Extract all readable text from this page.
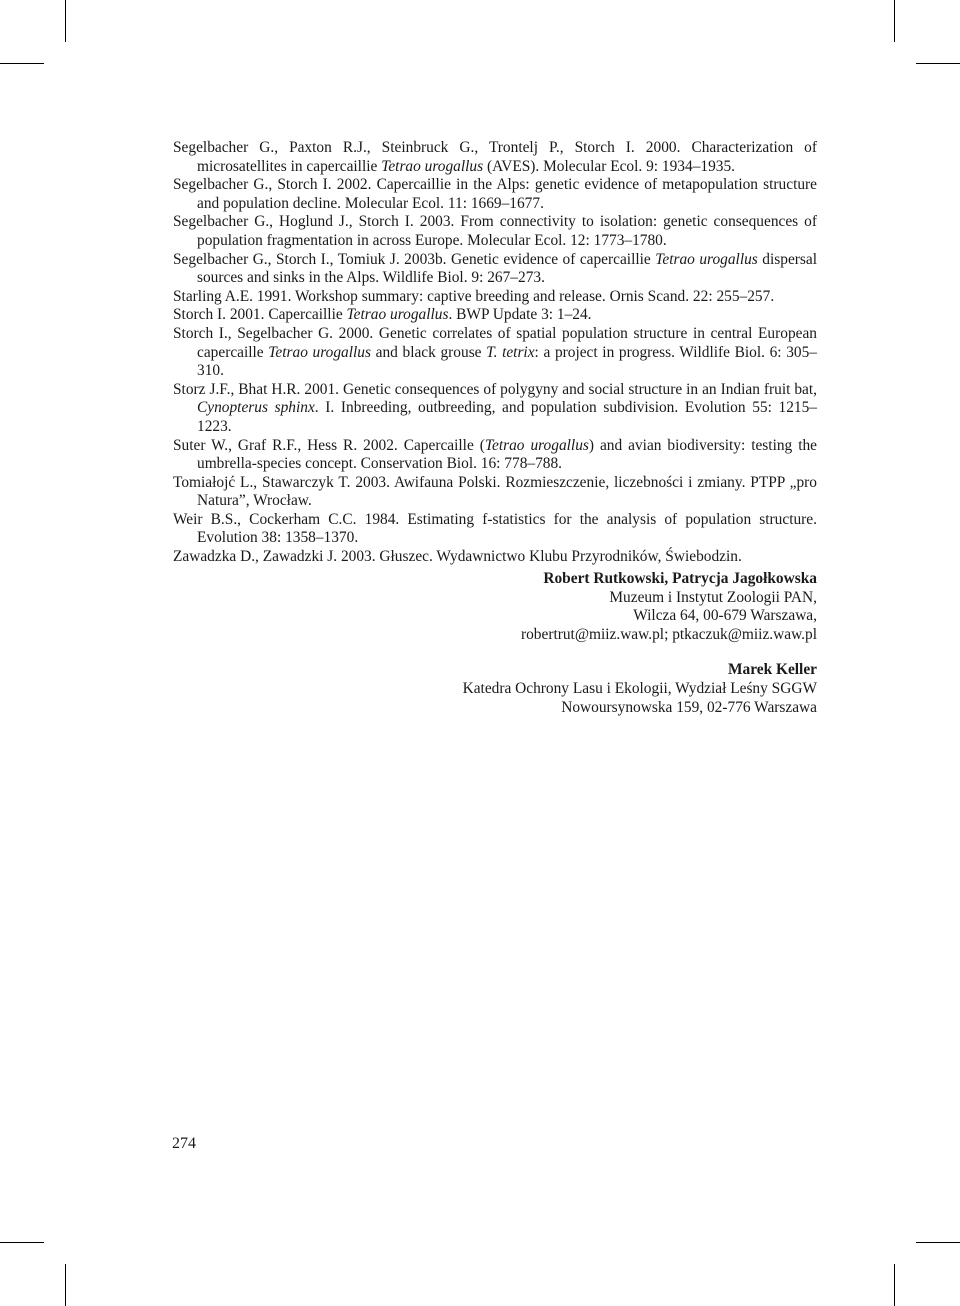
Segelbacher G., Paxton R.J., Steinbruck G., Trontelj P., Storch I. 2000. Characterization of microsatellites in capercaillie Tetrao urogallus (AVES). Molecular Ecol. 9: 1934–1935.

Segelbacher G., Storch I. 2002. Capercaillie in the Alps: genetic evidence of metapopulation structure and population decline. Molecular Ecol. 11: 1669–1677.

Segelbacher G., Hoglund J., Storch I. 2003. From connectivity to isolation: genetic consequences of population fragmentation in across Europe. Molecular Ecol. 12: 1773–1780.

Segelbacher G., Storch I., Tomiuk J. 2003b. Genetic evidence of capercaillie Tetrao urogallus dispersal sources and sinks in the Alps. Wildlife Biol. 9: 267–273.

Starling A.E. 1991. Workshop summary: captive breeding and release. Ornis Scand. 22: 255–257.

Storch I. 2001. Capercaillie Tetrao urogallus. BWP Update 3: 1–24.

Storch I., Segelbacher G. 2000. Genetic correlates of spatial population structure in central European capercaille Tetrao urogallus and black grouse T. tetrix: a project in progress. Wildlife Biol. 6: 305–310.

Storz J.F., Bhat H.R. 2001. Genetic consequences of polygyny and social structure in an Indian fruit bat, Cynopterus sphinx. I. Inbreeding, outbreeding, and population subdivision. Evolution 55: 1215–1223.

Suter W., Graf R.F., Hess R. 2002. Capercaille (Tetrao urogallus) and avian biodiversity: testing the umbrella-species concept. Conservation Biol. 16: 778–788.

Tomiałojć L., Stawarczyk T. 2003. Awifauna Polski. Rozmieszczenie, liczebności i zmiany. PTPP „pro Natura”, Wrocław.

Weir B.S., Cockerham C.C. 1984. Estimating f-statistics for the analysis of population structure. Evolution 38: 1358–1370.

Zawadzka D., Zawadzki J. 2003. Głuszec. Wydawnictwo Klubu Przyrodników, Świebodzin.

Robert Rutkowski, Patrycja Jagołkowska

Muzeum i Instytut Zoologii PAN,

Wilcza 64, 00-679 Warszawa,

robertrut@miiz.waw.pl; ptkaczuk@miiz.waw.pl

Marek Keller

Katedra Ochrony Lasu i Ekologii, Wydział Leśny SGGW

Nowoursynowska 159, 02-776 Warszawa

274
